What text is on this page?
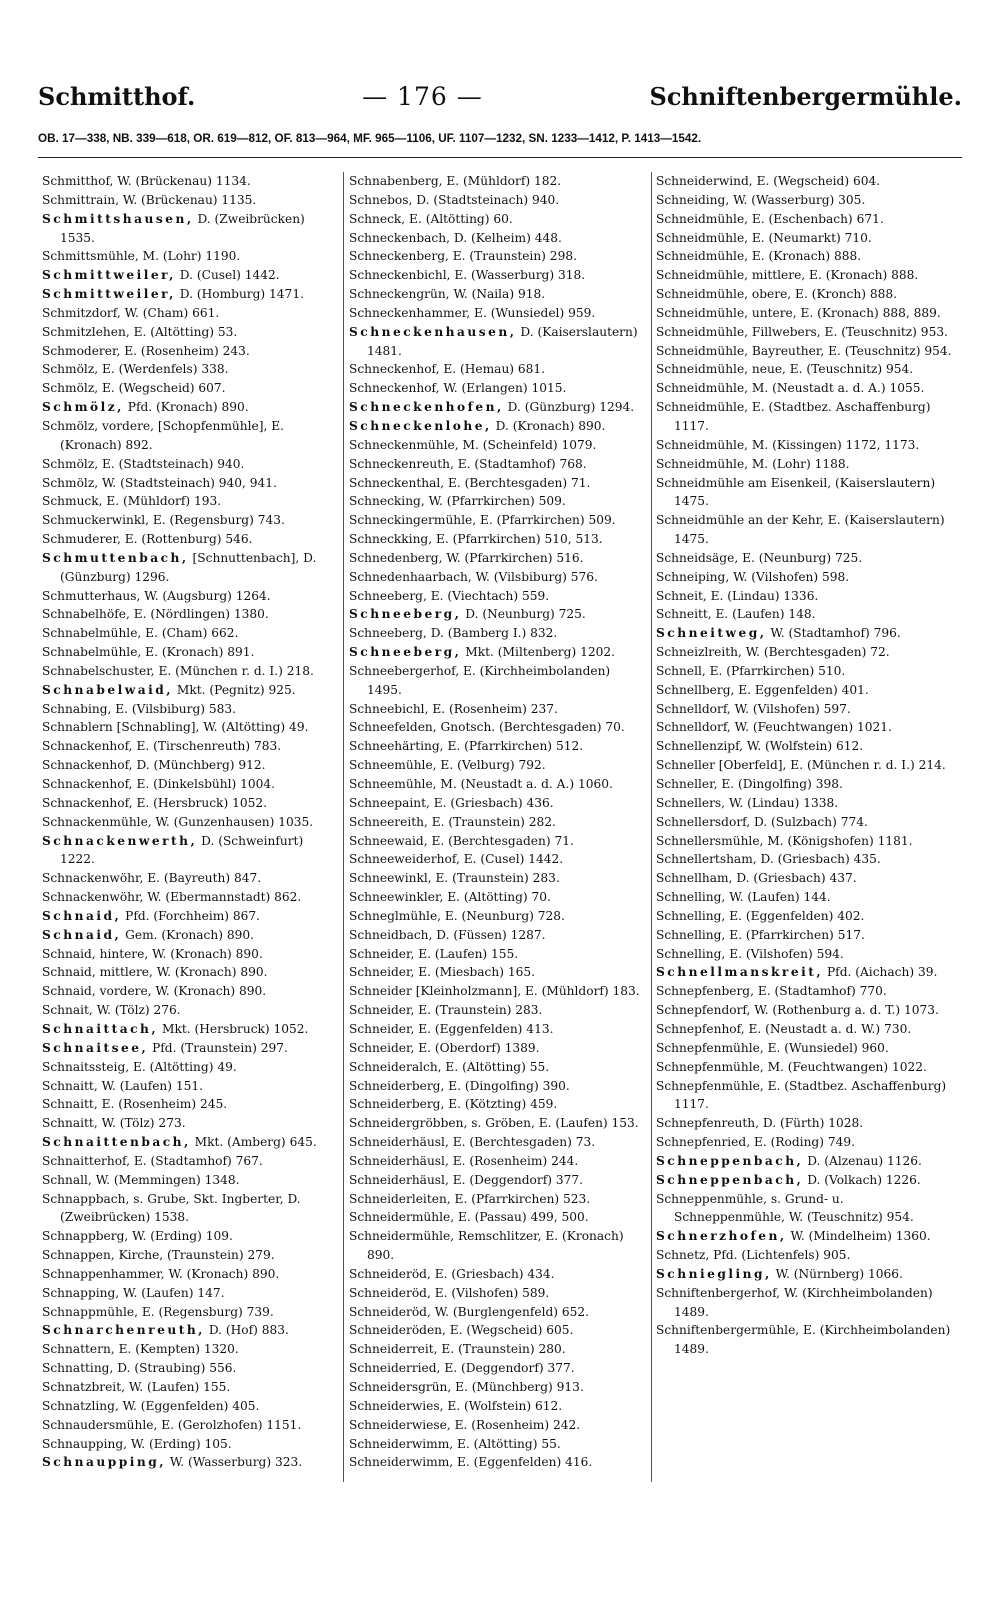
Schmitthof.	— 176 —	Schniftenbergermühle.
OB. 17—338, NB. 339—618, OR. 619—812, OF. 813—964, MF. 965—1106, UF. 1107—1232, SN. 1233—1412, P. 1413—1542.

Schmitthof, W. (Brückenau) 1134.

Schmittrain, W. (Brückenau) 1135.

Schmittshausen, D. (Zweibrücken) 1535.

Schmittsmühle, M. (Lohr) 1190.

Schmittweiler, D. (Cusel) 1442.

Schmittweiler, D. (Homburg) 1471.

Schmitzdorf, W. (Cham) 661.

Schmitzlehen, E. (Altötting) 53.

Schmoderer, E. (Rosenheim) 243.

Schmölz, E. (Werdenfels) 338.

Schmölz, E. (Wegscheid) 607.

Schmölz, Pfd. (Kronach) 890.

Schmölz, vordere, [Schopfenmühle], E. (Kronach) 892.

Schmölz, E. (Stadtsteinach) 940.

Schmölz, W. (Stadtsteinach) 940, 941.

Schmuck, E. (Mühldorf) 193.

Schmuckerwinkl, E. (Regensburg) 743.

Schmuderer, E. (Rottenburg) 546.

Schmuttenbach, [Schnuttenbach], D. (Günzburg) 1296.

Schmutterhaus, W. (Augsburg) 1264.

Schnabelhöfe, E. (Nördlingen) 1380.

Schnabelmühle, E. (Cham) 662.

Schnabelmühle, E. (Kronach) 891.

Schnabelschuster, E. (München r. d. I.) 218.

Schnabelwaid, Mkt. (Pegnitz) 925.

Schnabing, E. (Vilsbiburg) 583.

Schnablern [Schnabling], W. (Altötting) 49.

Schnackenhof, E. (Tirschenreuth) 783.

Schnackenhof, D. (Münchberg) 912.

Schnackenhof, E. (Dinkelsbühl) 1004.

Schnackenhof, E. (Hersbruck) 1052.

Schnackenmühle, W. (Gunzenhausen) 1035.

Schnackenwerth, D. (Schweinfurt) 1222.

Schnackenwöhr, E. (Bayreuth) 847.

Schnackenwöhr, W. (Ebermannstadt) 862.

Schnaid, Pfd. (Forchheim) 867.

Schnaid, Gem. (Kronach) 890.

Schnaid, hintere, W. (Kronach) 890.

Schnaid, mittlere, W. (Kronach) 890.

Schnaid, vordere, W. (Kronach) 890.

Schnait, W. (Tölz) 276.

Schnaittach, Mkt. (Hersbruck) 1052.

Schnaitsee, Pfd. (Traunstein) 297.

Schnaitssteig, E. (Altötting) 49.

Schnaitt, W. (Laufen) 151.

Schnaitt, E. (Rosenheim) 245.

Schnaitt, W. (Tölz) 273.

Schnaittenbach, Mkt. (Amberg) 645.

Schnaitterhof, E. (Stadtamhof) 767.

Schnall, W. (Memmingen) 1348.

Schnappbach, s. Grube, Skt. Ingberter, D. (Zweibrücken) 1538.

Schnappberg, W. (Erding) 109.

Schnappen, Kirche, (Traunstein) 279.

Schnappenhammer, W. (Kronach) 890.

Schnapping, W. (Laufen) 147.

Schnappmühle, E. (Regensburg) 739.

Schnarchenreuth, D. (Hof) 883.

Schnattern, E. (Kempten) 1320.

Schnatting, D. (Straubing) 556.

Schnatzbreit, W. (Laufen) 155.

Schnatzling, W. (Eggenfelden) 405.

Schnaudersmühle, E. (Gerolzhofen) 1151.

Schnaupping, W. (Erding) 105.

Schnaupping, W. (Wasserburg) 323.

Schnabenberg, E. (Mühldorf) 182.

Schnebos, D. (Stadtsteinach) 940.

Schneck, E. (Altötting) 60.

Schneckenbach, D. (Kelheim) 448.

Schneckenberg, E. (Traunstein) 298.

Schneckenbichl, E. (Wasserburg) 318.

Schneckengrün, W. (Naila) 918.

Schneckenhammer, E. (Wunsiedel) 959.

Schneckenhausen, D. (Kaiserslautern) 1481.

Schneckenhof, E. (Hemau) 681.

Schneckenhof, W. (Erlangen) 1015.

Schneckenhofen, D. (Günzburg) 1294.

Schneckenlohe, D. (Kronach) 890.

Schneckenmühle, M. (Scheinfeld) 1079.

Schneckenreuth, E. (Stadtamhof) 768.

Schneckenthal, E. (Berchtesgaden) 71.

Schnecking, W. (Pfarrkirchen) 509.

Schneckingermühle, E. (Pfarrkirchen) 509.

Schneckking, E. (Pfarrkirchen) 510, 513.

Schnedenberg, W. (Pfarrkirchen) 516.

Schnedenhaarbach, W. (Vilsbiburg) 576.

Schneeberg, E. (Viechtach) 559.

Schneeberg, D. (Neunburg) 725.

Schneeberg, D. (Bamberg I.) 832.

Schneeberg, Mkt. (Miltenberg) 1202.

Schneebergerhof, E. (Kirchheimbolanden) 1495.

Schneebichl, E. (Rosenheim) 237.

Schneefelden, Gnotsch. (Berchtesgaden) 70.

Schneehärting, E. (Pfarrkirchen) 512.

Schneemühle, E. (Velburg) 792.

Schneemühle, M. (Neustadt a. d. A.) 1060.

Schneepaint, E. (Griesbach) 436.

Schneereith, E. (Traunstein) 282.

Schneewaid, E. (Berchtesgaden) 71.

Schneeweiderhof, E. (Cusel) 1442.

Schneewinkl, E. (Traunstein) 283.

Schneewinkler, E. (Altötting) 70.

Schneglmühle, E. (Neunburg) 728.

Schneidbach, D. (Füssen) 1287.

Schneider, E. (Laufen) 155.

Schneider, E. (Miesbach) 165.

Schneider [Kleinholzmann], E. (Mühldorf) 183.

Schneider, E. (Traunstein) 283.

Schneider, E. (Eggenfelden) 413.

Schneider, E. (Oberdorf) 1389.

Schneideralch, E. (Altötting) 55.

Schneiderberg, E. (Dingolfing) 390.

Schneiderberg, E. (Kötzting) 459.

Schneidergröbben, s. Gröben, E. (Laufen) 153.

Schneiderhäusl, E. (Berchtesgaden) 73.

Schneiderhäusl, E. (Rosenheim) 244.

Schneiderhäusl, E. (Deggendorf) 377.

Schneiderleiten, E. (Pfarrkirchen) 523.

Schneidermühle, E. (Passau) 499, 500.

Schneidermühle, Remschlitzer, E. (Kronach) 890.

Schneideröd, E. (Griesbach) 434.

Schneideröd, E. (Vilshofen) 589.

Schneideröd, W. (Burglengenfeld) 652.

Schneideröden, E. (Wegscheid) 605.

Schneiderreit, E. (Traunstein) 280.

Schneiderried, E. (Deggendorf) 377.

Schneidersgrün, E. (Münchberg) 913.

Schneiderwies, E. (Wolfstein) 612.

Schneiderwiese, E. (Rosenheim) 242.

Schneiderwimm, E. (Altötting) 55.

Schneiderwimm, E. (Eggenfelden) 416.

Schneiderwind, E. (Wegscheid) 604.

Schneiding, W. (Wasserburg) 305.

Schneidmühle, E. (Eschenbach) 671.

Schneidmühle, E. (Neumarkt) 710.

Schneidmühle, E. (Kronach) 888.

Schneidmühle, mittlere, E. (Kronach) 888.

Schneidmühle, obere, E. (Kronch) 888.

Schneidmühle, untere, E. (Kronach) 888, 889.

Schneidmühle, Fillwebers, E. (Teuschnitz) 953.

Schneidmühle, Bayreuther, E. (Teuschnitz) 954.

Schneidmühle, neue, E. (Teuschnitz) 954.

Schneidmühle, M. (Neustadt a. d. A.) 1055.

Schneidmühle, E. (Stadtbez. Aschaffenburg) 1117.

Schneidmühle, M. (Kissingen) 1172, 1173.

Schneidmühle, M. (Lohr) 1188.

Schneidmühle am Eisenkeil, (Kaiserslautern) 1475.

Schneidmühle an der Kehr, E. (Kaiserslautern) 1475.

Schneidsäge, E. (Neunburg) 725.

Schneiping, W. (Vilshofen) 598.

Schneit, E. (Lindau) 1336.

Schneitt, E. (Laufen) 148.

Schneitweg, W. (Stadtamhof) 796.

Schneizlreith, W. (Berchtesgaden) 72.

Schnell, E. (Pfarrkirchen) 510.

Schnellberg, E. Eggenfelden) 401.

Schnelldorf, W. (Vilshofen) 597.

Schnelldorf, W. (Feuchtwangen) 1021.

Schnellenzipf, W. (Wolfstein) 612.

Schneller [Oberfeld], E. (München r. d. I.) 214.

Schneller, E. (Dingolfing) 398.

Schnellers, W. (Lindau) 1338.

Schnellersdorf, D. (Sulzbach) 774.

Schnellersmühle, M. (Königshofen) 1181.

Schnellertsham, D. (Griesbach) 435.

Schnellham, D. (Griesbach) 437.

Schnelling, W. (Laufen) 144.

Schnelling, E. (Eggenfelden) 402.

Schnelling, E. (Pfarrkirchen) 517.

Schnelling, E. (Vilshofen) 594.

Schnellmanskreit, Pfd. (Aichach) 39.

Schnepfenberg, E. (Stadtamhof) 770.

Schnepfendorf, W. (Rothenburg a. d. T.) 1073.

Schnepfenhof, E. (Neustadt a. d. W.) 730.

Schnepfenmühle, E. (Wunsiedel) 960.

Schnepfenmühle, M. (Feuchtwangen) 1022.

Schnepfenmühle, E. (Stadtbez. Aschaffenburg) 1117.

Schnepfenreuth, D. (Fürth) 1028.

Schnepfenried, E. (Roding) 749.

Schneppenbach, D. (Alzenau) 1126.

Schneppenbach, D. (Volkach) 1226.

Schneppenmühle, s. Grund- u. Schneppenmühle, W. (Teuschnitz) 954.

Schnerzhofen, W. (Mindelheim) 1360.

Schnetz, Pfd. (Lichtenfels) 905.

Schniegling, W. (Nürnberg) 1066.

Schniftenbergerhof, W. (Kirchheimbolanden) 1489.

Schniftenbergermühle, E. (Kirchheimbolanden) 1489.
